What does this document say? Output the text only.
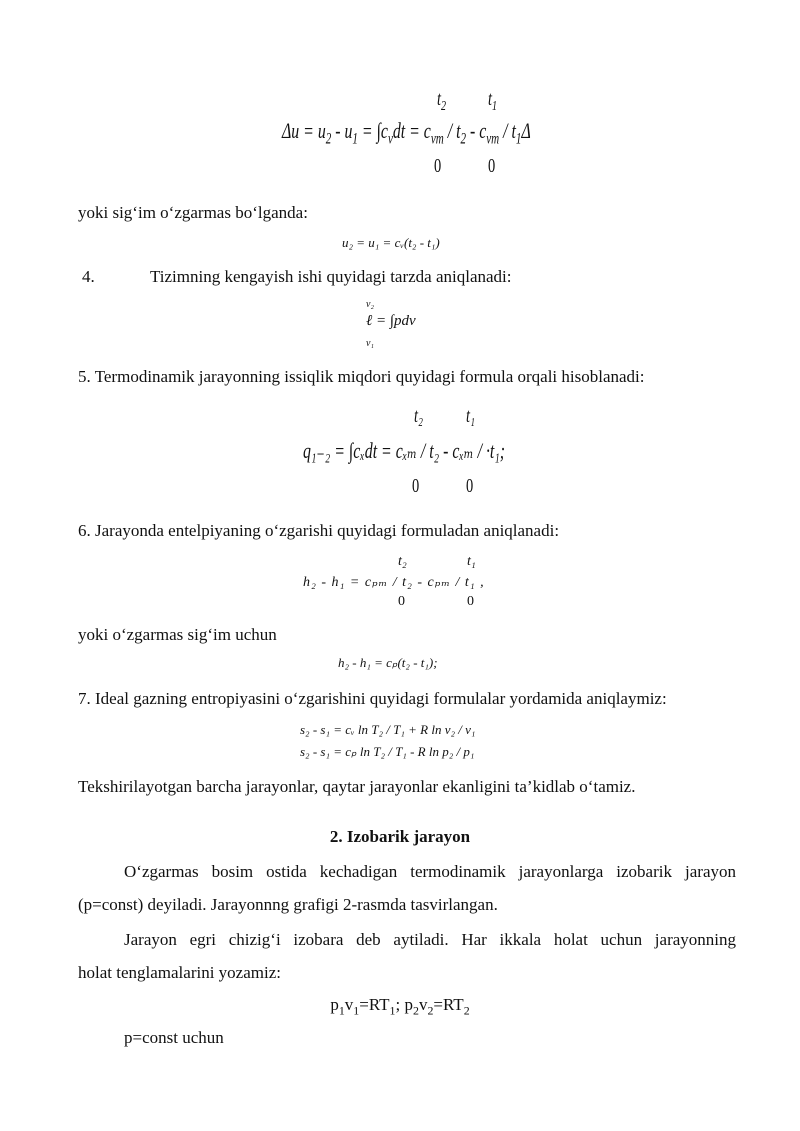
$t_2$ $t_1$
$\Delta u = u_2 - u_1 = \int c_vdt = c_{vm} / t_2 - c_{vm} / t_1\Delta$
0 0
yoki sig‘im o‘zgarmas bo‘lganda:
u₂ = u₁ = cᵥ(t₂ - t₁)
4.	Tizimning kengayish ishi quyidagi tarzda aniqlanadi:
v₂
ℓ = ∫pdv
v₁
5. Termodinamik jarayonning issiqlik miqdori quyidagi formula orqali hisoblanadi:
t₂ t₁
q₁₋₂ = ∫cₓdt = cₓₘ / t₂ - cₓₘ / ·t₁;
0 0
6. Jarayonda entelpiyaning o‘zgarishi quyidagi formuladan aniqlanadi:
t₂	t₁
h₂ - h₁ = cₚₘ / t₂ - cₚₘ / t₁ ,
0	0
yoki o‘zgarmas sig‘im uchun
h₂ - h₁ = cₚ(t₂ - t₁);
7. Ideal gazning entropiyasini o‘zgarishini quyidagi formulalar yordamida aniqlaymiz:
s₂ - s₁ = cᵥ ln T₂ / T₁ + R ln v₂ / v₁
s₂ - s₁ = cₚ ln T₂ / T₁ - R ln p₂ / p₁
Tekshirilayotgan barcha jarayonlar, qaytar jarayonlar ekanligini ta’kidlab o‘tamiz.
2. Izobarik jarayon
O‘zgarmas bosim ostida kechadigan termodinamik jarayonlarga izobarik jarayon
(p=const) deyiladi. Jarayonnng grafigi 2-rasmda tasvirlangan.
Jarayon egri chizig‘i izobara deb aytiladi. Har ikkala holat uchun jarayonning
holat tenglamalarini yozamiz:
$p_1v_1=RT_1$; $p_2v_2=RT_2$
p=const uchun
